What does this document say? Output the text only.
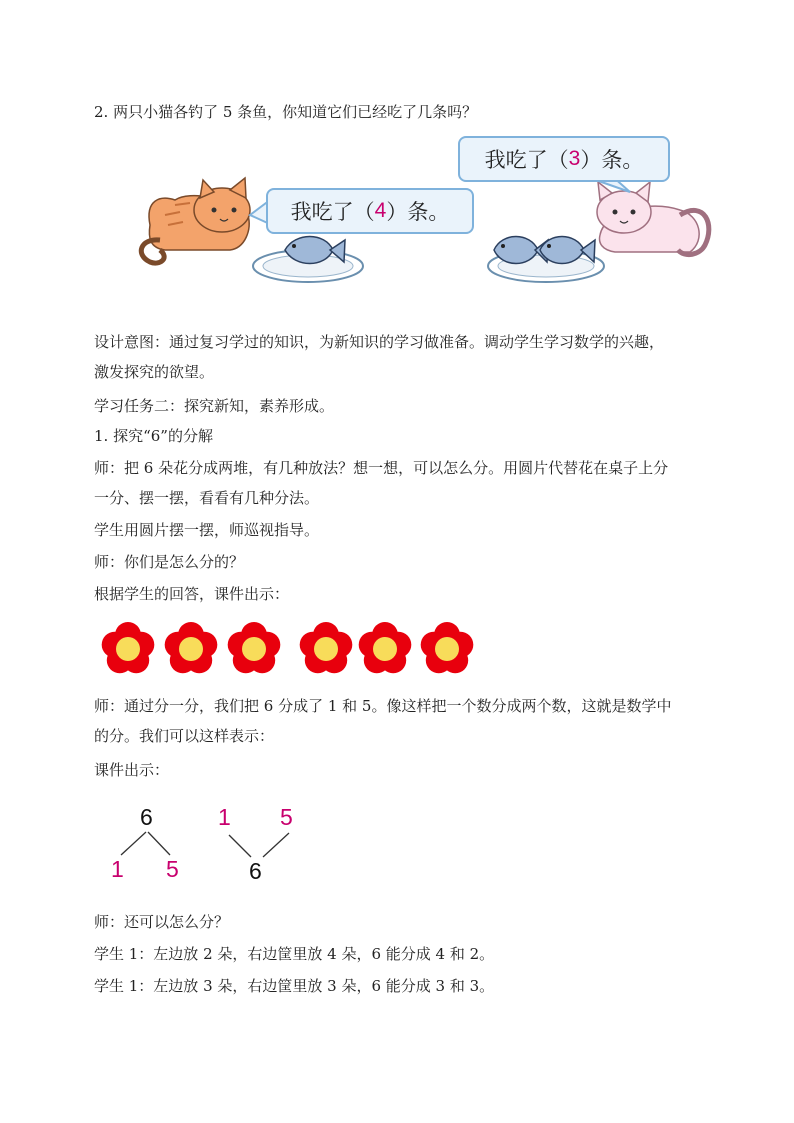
2. 两只小猫各钓了 5 条鱼，你知道它们已经吃了几条吗？
我吃了（ 3 ）条。
我吃了（ 4 ）条。
设计意图：通过复习学过的知识，为新知识的学习做准备。调动学生学习数学的兴趣，
激发探究的欲望。
学习任务二：探究新知，素养形成。
1. 探究“6”的分解
师：把 6 朵花分成两堆，有几种放法？想一想，可以怎么分。用圆片代替花在桌子上分
一分、摆一摆，看看有几种分法。
学生用圆片摆一摆，师巡视指导。
师：你们是怎么分的？
根据学生的回答，课件出示：
师：通过分一分，我们把 6 分成了 1 和 5。像这样把一个数分成两个数，这就是数学中
的分。我们可以这样表示：
课件出示：
6
1 5
1 5
6
师：还可以怎么分？
学生 1：左边放 2 朵，右边筐里放 4 朵，6 能分成 4 和 2。
学生 1：左边放 3 朵，右边筐里放 3 朵，6 能分成 3 和 3。
